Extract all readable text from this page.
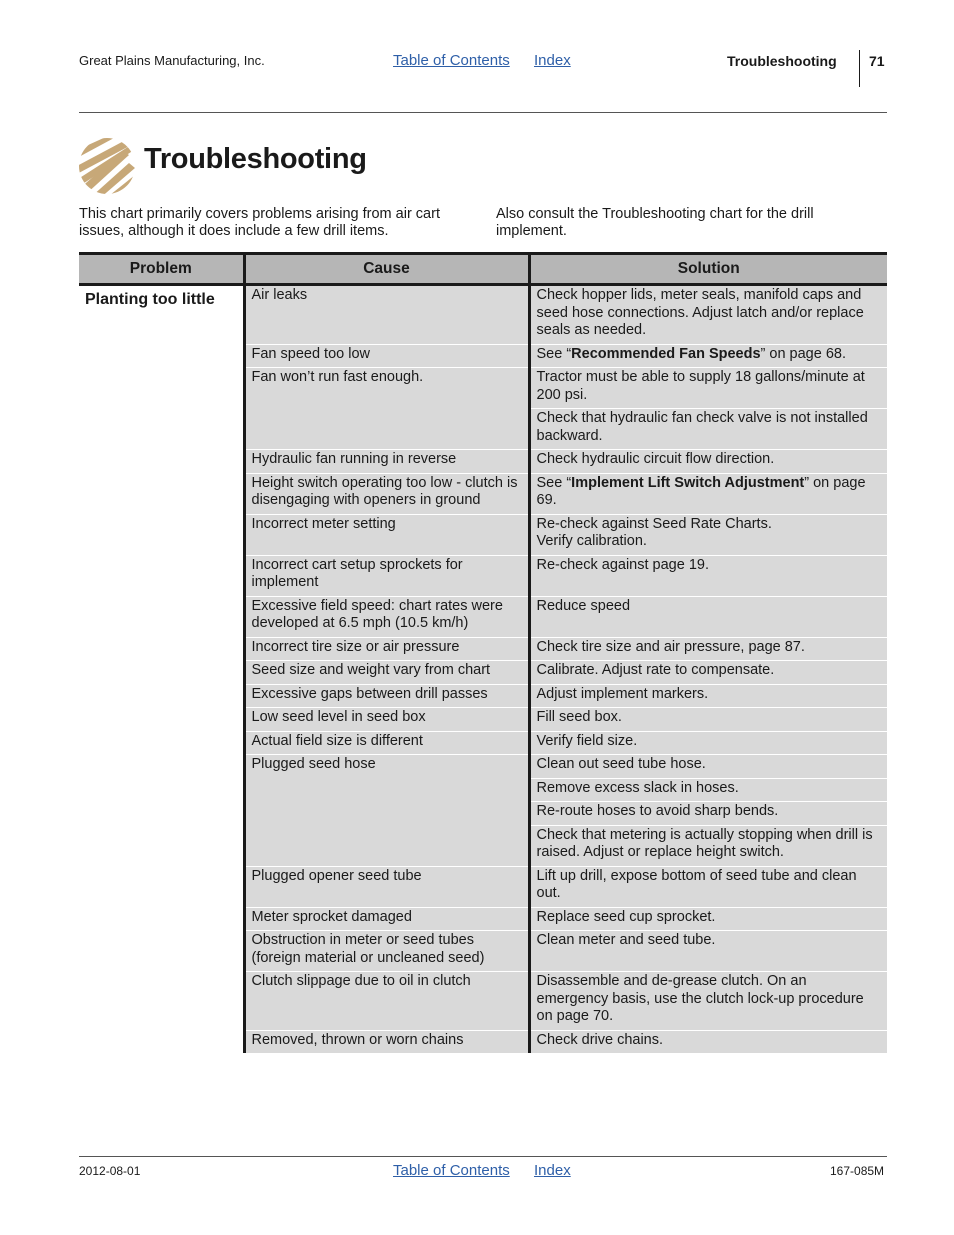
Great Plains Manufacturing, Inc.	Table of Contents Index	Troubleshooting 71
Troubleshooting
This chart primarily covers problems arising from air cart issues, although it does include a few drill items.
Also consult the Troubleshooting chart for the drill implement.
Problem	Cause	Solution
Planting too little	Air leaks	Check hopper lids, meter seals, manifold caps and seed hose connections. Adjust latch and/or replace seals as needed.
	Fan speed too low	See “Recommended Fan Speeds” on page 68.
	Fan won’t run fast enough.	Tractor must be able to supply 18 gallons/minute at 200 psi.
		Check that hydraulic fan check valve is not installed backward.
	Hydraulic fan running in reverse	Check hydraulic circuit flow direction.
	Height switch operating too low - clutch is disengaging with openers in ground	See “Implement Lift Switch Adjustment” on page 69.
	Incorrect meter setting	Re-check against Seed Rate Charts.
Verify calibration.

	Incorrect cart setup sprockets for implement	Re-check against page 19.
	Excessive field speed: chart rates were developed at 6.5 mph (10.5 km/h)	Reduce speed
	Incorrect tire size or air pressure	Check tire size and air pressure, page 87.
	Seed size and weight vary from chart	Calibrate. Adjust rate to compensate.
	Excessive gaps between drill passes	Adjust implement markers.
	Low seed level in seed box	Fill seed box.
	Actual field size is different	Verify field size.
	Plugged seed hose	Clean out seed tube hose.
		Remove excess slack in hoses.
		Re-route hoses to avoid sharp bends.
		Check that metering is actually stopping when drill is raised. Adjust or replace height switch.
	Plugged opener seed tube	Lift up drill, expose bottom of seed tube and clean out.
	Meter sprocket damaged	Replace seed cup sprocket.
	Obstruction in meter or seed tubes (foreign material or uncleaned seed)	Clean meter and seed tube.
	Clutch slippage due to oil in clutch	Disassemble and de-grease clutch. On an emergency basis, use the clutch lock-up procedure on page 70.
	Removed, thrown or worn chains	Check drive chains.
2012-08-01	Table of Contents Index	167-085M
